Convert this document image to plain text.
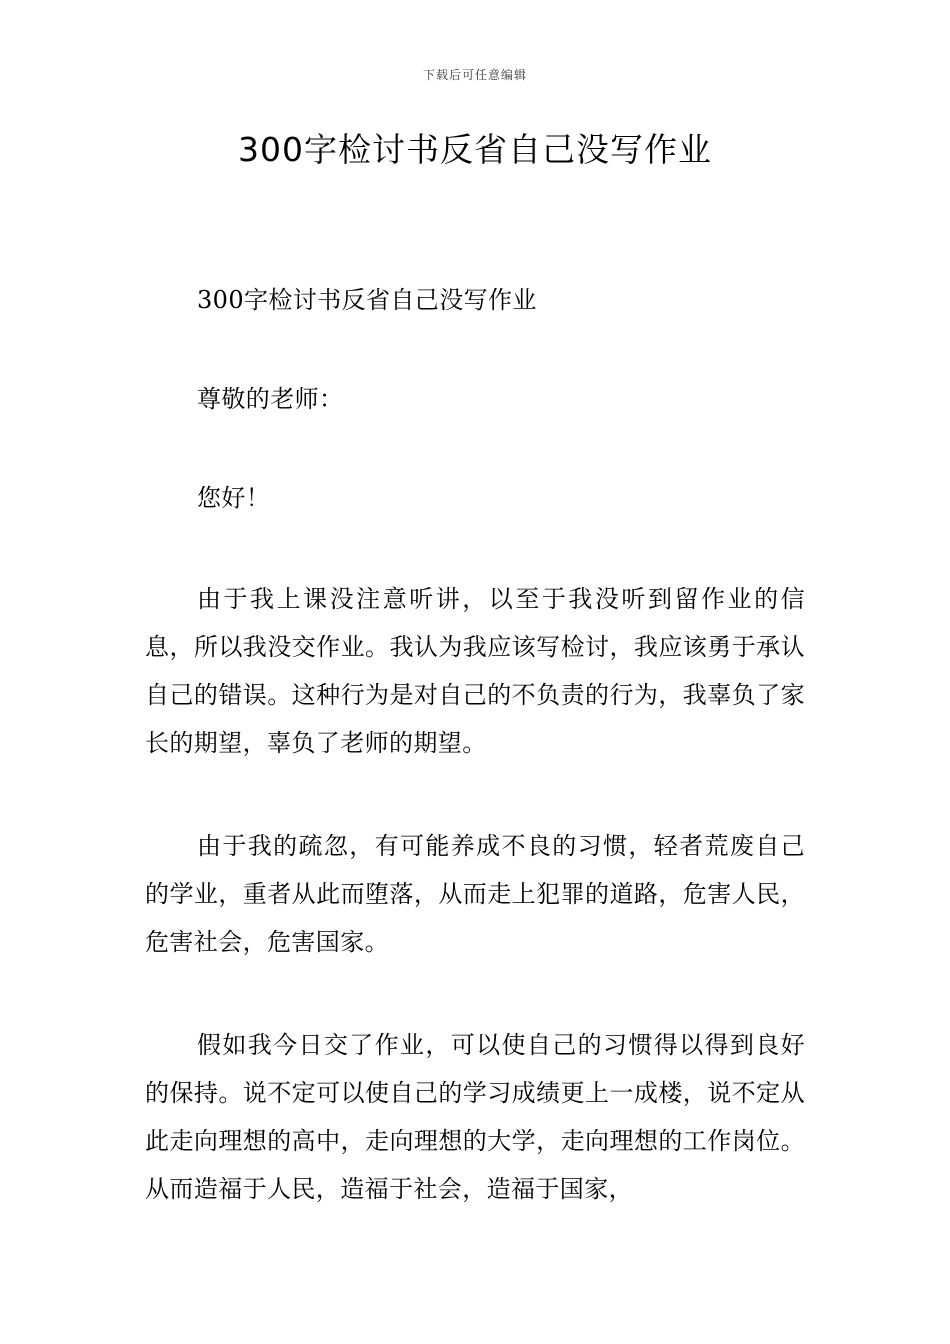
下载后可任意编辑
300字检讨书反省自己没写作业

300字检讨书反省自己没写作业

尊敬的老师：

您好！

由于我上课没注意听讲，以至于我没听到留作业的信息，所以我没交作业。我认为我应该写检讨，我应该勇于承认自己的错误。这种行为是对自己的不负责的行为，我辜负了家长的期望，辜负了老师的期望。

由于我的疏忽，有可能养成不良的习惯，轻者荒废自己的学业，重者从此而堕落，从而走上犯罪的道路，危害人民，危害社会，危害国家。

假如我今日交了作业，可以使自己的习惯得以得到良好的保持。说不定可以使自己的学习成绩更上一成楼，说不定从此走向理想的高中，走向理想的大学，走向理想的工作岗位。从而造福于人民，造福于社会，造福于国家，
